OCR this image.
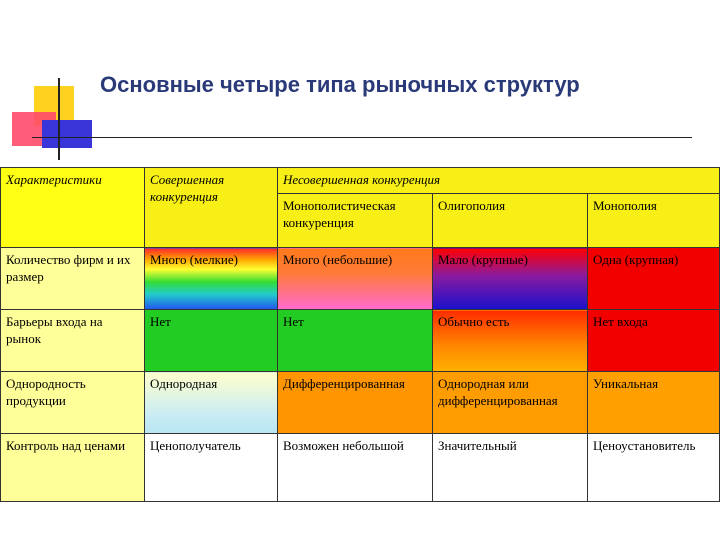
Основные четыре типа рыночных структур
Характеристики	Совершенная конкуренция	Несовершенная конкуренция		
		Монополистическая конкуренция	Олигополия	Монополия
Количество фирм и их размер	Много (мелкие)	Много (небольшие)	Мало (крупные)	Одна (крупная)
Барьеры входа на рынок	Нет	Нет	Обычно есть	Нет входа
Однородность продукции	Однородная	Дифференцированная	Однородная или дифференцированная	Уникальная
Контроль над ценами	Ценополучатель	Возможен небольшой	Значительный	Ценоустановитель
